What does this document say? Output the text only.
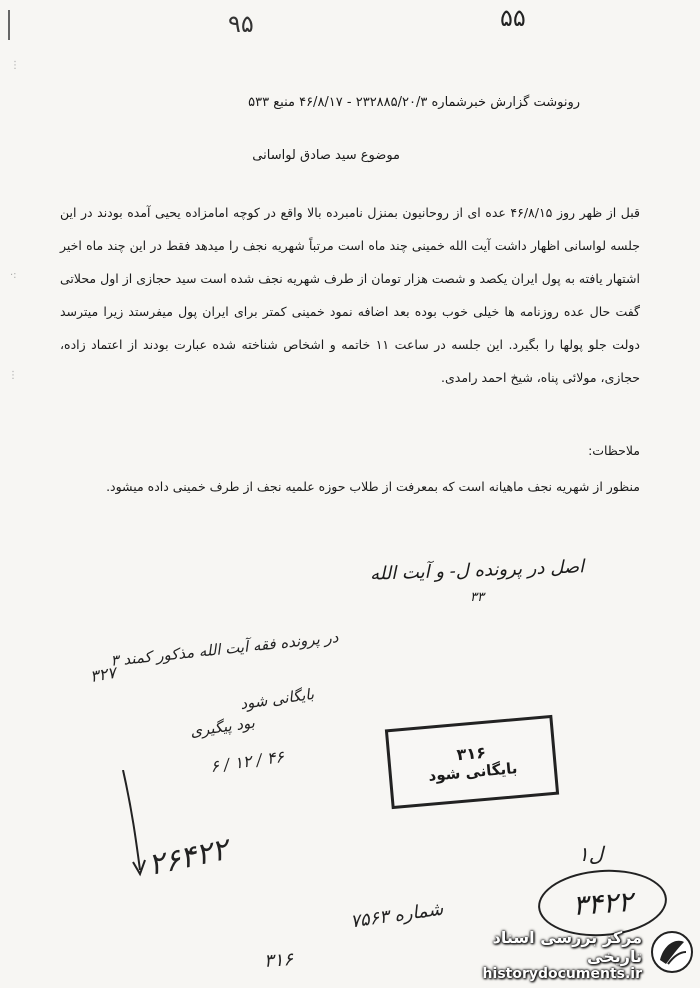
۹۵	۵۵
⋮
⋮
·:
رونوشت گزارش خبرشماره ۲۳۲۸۸۵/۲۰/۳ - ۴۶/۸/۱۷ منبع ۵۳۳
موضوع سید صادق لواسانی
قبل از ظهر روز ۴۶/۸/۱۵ عده ای از روحانیون بمنزل نامبرده بالا واقع در کوچه امامزاده یحیی آمده بودند در این جلسه لواسانی اظهار داشت آیت الله خمینی چند ماه است مرتباً شهریه نجف را میدهد فقط در این چند ماه اخیر اشتهار یافته به پول ایران یکصد و شصت هزار تومان از طرف شهریه نجف شده است سید حجازی از اول محلاتی گفت حال عده روزنامه ها خیلی خوب بوده بعد اضافه نمود خمینی کمتر برای ایران پول میفرستد زیرا میترسد دولت جلو پولها را بگیرد. این جلسه در ساعت ۱۱ خاتمه و اشخاص شناخته شده عبارت بودند از اعتماد زاده، حجازی، مولائی پناه، شیخ احمد رامدی.
ملاحظات:
منظور از شهریه نجف ماهیانه است که بمعرفت از طلاب حوزه علمیه نجف از طرف خمینی داده میشود.
اصل در پرونده ل- و آیت الله
۳۳
در پرونده فقه آیت الله مذکور کمند ۳
۳۲۷
بایگانی شود
بود پیگیری
۶ / ۱۲ / ۴۶	۳۱۶
بایگانی شود
۲۶۴۲۲	۱ل
۳۴۲۲
شماره ۷۵۶۳
۳۱۶
مرکز بررسی اسناد تاریخی
historydocuments.ir
